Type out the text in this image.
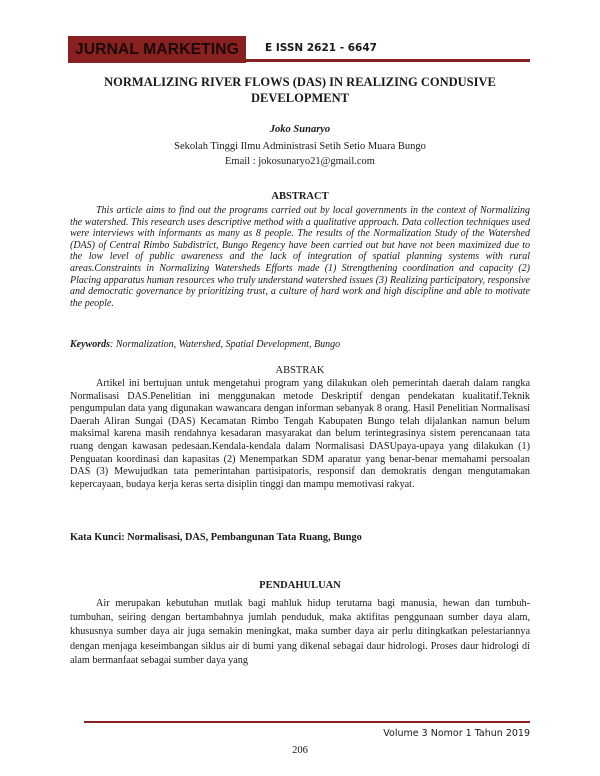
JURNAL MARKETING	E ISSN 2621 - 6647
NORMALIZING RIVER FLOWS (DAS) IN REALIZING CONDUSIVE DEVELOPMENT
Joko Sunaryo
Sekolah Tinggi Ilmu Administrasi Setih Setio Muara Bungo
Email : jokosunaryo21@gmail.com
ABSTRACT

This article aims to find out the programs carried out by local governments in the context of Normalizing the watershed. This research uses descriptive method with a qualitative approach. Data collection techniques used were interviews with informants as many as 8 people. The results of the Normalization Study of the Watershed (DAS) of Central Rimbo Subdistrict, Bungo Regency have been carried out but have not been maximized due to the low level of public awareness and the lack of integration of spatial planning systems with rural areas.Constraints in Normalizing Watersheds Efforts made (1) Strengthening coordination and capacity (2) Placing apparatus human resources who truly understand watershed issues (3) Realizing participatory, responsive and democratic governance by prioritizing trust, a culture of hard work and high discipline and able to motivate the people.

Keywords: Normalization, Watershed, Spatial Development, Bungo
ABSTRAK

Artikel ini bertujuan untuk mengetahui program yang dilakukan oleh pemerintah daerah dalam rangka Normalisasi DAS.Penelitian ini menggunakan metode Deskriptif dengan pendekatan kualitatif.Teknik pengumpulan data yang digunakan wawancara dengan informan sebanyak 8 orang. Hasil Penelitian Normalisasi Daerah Aliran Sungai (DAS) Kecamatan Rimbo Tengah Kabupaten Bungo telah dijalankan namun belum maksimal karena masih rendahnya kesadaran masyarakat dan belum terintegrasinya sistem perencanaan tata ruang dengan kawasan pedesaan.Kendala-kendala dalam Normalisasi DASUpaya-upaya yang dilakukan (1) Penguatan koordinasi dan kapasitas (2) Menempatkan SDM aparatur yang benar-benar memahami persoalan DAS (3) Mewujudkan tata pemerintahan partisipatoris, responsif dan demokratis dengan mengutamakan kepercayaan, budaya kerja keras serta disiplin tinggi dan mampu memotivasi rakyat.

Kata Kunci: Normalisasi, DAS, Pembangunan Tata Ruang, Bungo
PENDAHULUAN

Air merupakan kebutuhan mutlak bagi mahluk hidup terutama bagi manusia, hewan dan tumbuh-tumbuhan, seiring dengan bertambahnya jumlah penduduk, maka aktifitas penggunaan sumber daya alam, khususnya sumber daya air juga semakin meningkat, maka sumber daya air perlu ditingkatkan pelestariannya dengan menjaga keseimbangan siklus air di bumi yang dikenal sebagai daur hidrologi. Proses daur hidrologi di alam bermanfaat sebagai sumber daya yang

Volume 3 Nomor 1 Tahun 2019
206
